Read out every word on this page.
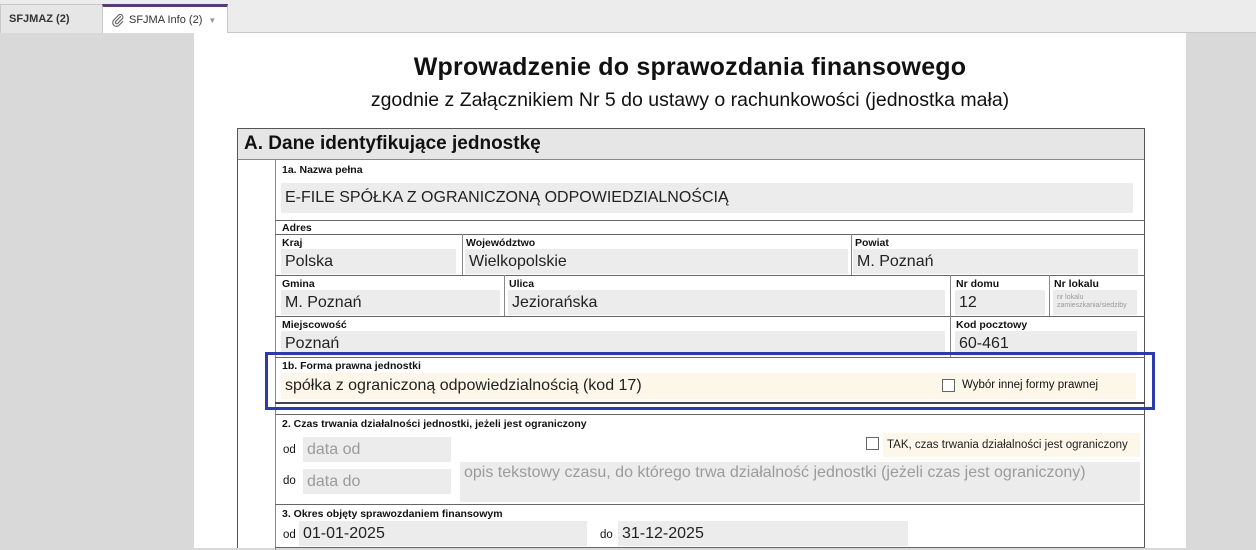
SFJMAZ (2)	SFJMA Info (2) ▼
Wprowadzenie do sprawozdania finansowego
zgodnie z Załącznikiem Nr 5 do ustawy o rachunkowości (jednostka mała)
A. Dane identyfikujące jednostkę
1a. Nazwa pełna
E-FILE SPÓŁKA Z OGRANICZONĄ ODPOWIEDZIALNOŚCIĄ
Adres
Kraj
Polska
Województwo
Wielkopolskie
Powiat
M. Poznań
Gmina
M. Poznań
Ulica
Jeziorańska
Nr domu
12
Nr lokalu
nr lokalu zamieszkania/siedziby
Miejscowość
Poznań
Kod pocztowy
60-461
1b. Forma prawna jednostki
spółka z ograniczoną odpowiedzialnością (kod 17)	Wybór innej formy prawnej
2. Czas trwania działalności jednostki, jeżeli jest ograniczony
od data od	TAK, czas trwania działalności jest ograniczony
do data do	opis tekstowy czasu, do którego trwa działalność jednostki (jeżeli czas jest ograniczony)
3. Okres objęty sprawozdaniem finansowym
od 01-01-2025	do 31-12-2025
